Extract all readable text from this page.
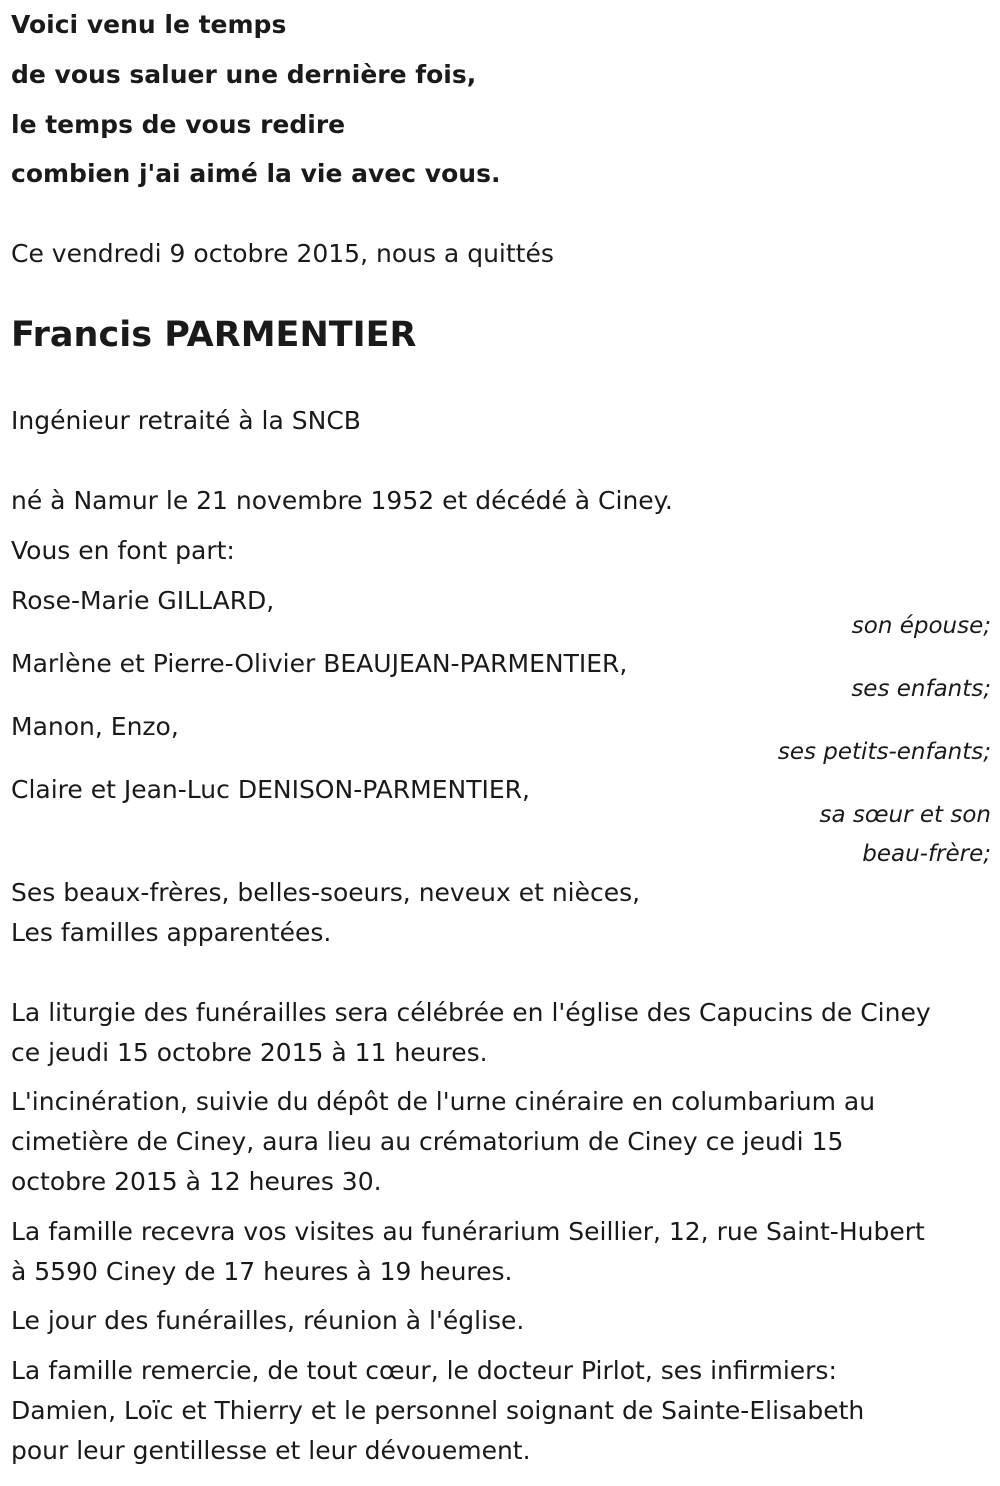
Voici venu le temps
de vous saluer une dernière fois,
le temps de vous redire
combien j'ai aimé la vie avec vous.
Ce vendredi 9 octobre 2015, nous a quittés
Francis PARMENTIER
Ingénieur retraité à la SNCB
né à Namur le 21 novembre 1952 et décédé à Ciney.
Vous en font part:
Rose-Marie GILLARD,
son épouse;
Marlène et Pierre-Olivier BEAUJEAN-PARMENTIER,
ses enfants;
Manon, Enzo,
ses petits-enfants;
Claire et Jean-Luc DENISON-PARMENTIER,
sa sœur et son
beau-frère;
Ses beaux-frères, belles-soeurs, neveux et nièces,
Les familles apparentées.
La liturgie des funérailles sera célébrée en l'église des Capucins de Ciney
ce jeudi 15 octobre 2015 à 11 heures.
L'incinération, suivie du dépôt de l'urne cinéraire en columbarium au
cimetière de Ciney, aura lieu au crématorium de Ciney ce jeudi 15
octobre 2015 à 12 heures 30.
La famille recevra vos visites au funérarium Seillier, 12, rue Saint-Hubert
à 5590 Ciney de 17 heures à 19 heures.
Le jour des funérailles, réunion à l'église.
La famille remercie, de tout cœur, le docteur Pirlot, ses infirmiers:
Damien, Loïc et Thierry et le personnel soignant de Sainte-Elisabeth
pour leur gentillesse et leur dévouement.
